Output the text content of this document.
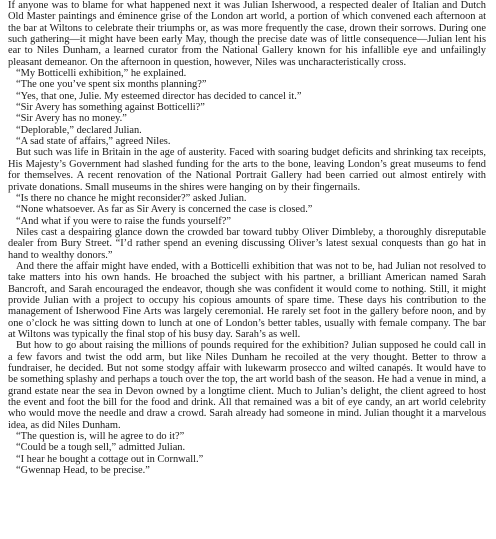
If anyone was to blame for what happened next it was Julian Isherwood, a respected dealer of Italian and Dutch Old Master paintings and éminence grise of the London art world, a portion of which convened each afternoon at the bar at Wiltons to celebrate their triumphs or, as was more frequently the case, drown their sorrows. During one such gathering—it might have been early May, though the precise date was of little consequence—Julian lent his ear to Niles Dunham, a learned curator from the National Gallery known for his infallible eye and unfailingly pleasant demeanor. On the afternoon in question, however, Niles was uncharacteristically cross.

“My Botticelli exhibition,” he explained.

“The one you’ve spent six months planning?”

“Yes, that one, Julie. My esteemed director has decided to cancel it.”

“Sir Avery has something against Botticelli?”

“Sir Avery has no money.”

“Deplorable,” declared Julian.

“A sad state of affairs,” agreed Niles.

But such was life in Britain in the age of austerity. Faced with soaring budget deficits and shrinking tax receipts, His Majesty’s Government had slashed funding for the arts to the bone, leaving London’s great museums to fend for themselves. A recent renovation of the National Portrait Gallery had been carried out almost entirely with private donations. Small museums in the shires were hanging on by their fingernails.

“Is there no chance he might reconsider?” asked Julian.

“None whatsoever. As far as Sir Avery is concerned the case is closed.”

“And what if you were to raise the funds yourself?”

Niles cast a despairing glance down the crowded bar toward tubby Oliver Dimbleby, a thoroughly disreputable dealer from Bury Street. “I’d rather spend an evening discussing Oliver’s latest sexual conquests than go hat in hand to wealthy donors.”

And there the affair might have ended, with a Botticelli exhibition that was not to be, had Julian not resolved to take matters into his own hands. He broached the subject with his partner, a brilliant American named Sarah Bancroft, and Sarah encouraged the endeavor, though she was confident it would come to nothing. Still, it might provide Julian with a project to occupy his copious amounts of spare time. These days his contribution to the management of Isherwood Fine Arts was largely ceremonial. He rarely set foot in the gallery before noon, and by one o’clock he was sitting down to lunch at one of London’s better tables, usually with female company. The bar at Wiltons was typically the final stop of his busy day. Sarah’s as well.

But how to go about raising the millions of pounds required for the exhibition? Julian supposed he could call in a few favors and twist the odd arm, but like Niles Dunham he recoiled at the very thought. Better to throw a fundraiser, he decided. But not some stodgy affair with lukewarm prosecco and wilted canapés. It would have to be something splashy and perhaps a touch over the top, the art world bash of the season. He had a venue in mind, a grand estate near the sea in Devon owned by a longtime client. Much to Julian’s delight, the client agreed to host the event and foot the bill for the food and drink. All that remained was a bit of eye candy, an art world celebrity who would move the needle and draw a crowd. Sarah already had someone in mind. Julian thought it a marvelous idea, as did Niles Dunham.

“The question is, will he agree to do it?”

“Could be a tough sell,” admitted Julian.

“I hear he bought a cottage out in Cornwall.”

“Gwennap Head, to be precise.”
